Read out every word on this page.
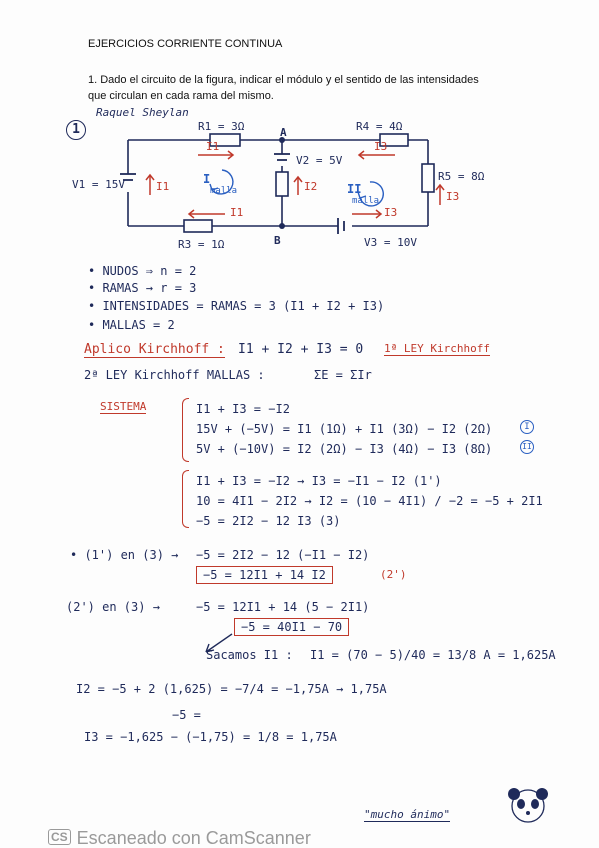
EJERCICIOS CORRIENTE CONTINUA
1. Dado el circuito de la figura, indicar el módulo y el sentido de las intensidades
que circulan en cada rama del mismo.
1
Raquel Sheylan
R1 = 3Ω	R4 = 4Ω
R5 = 8Ω
R3 = 1Ω
V1 = 15V
V2 = 5V
V3 = 10V
A
B
I1	I3
I1	I2
I3
I1	I3
I
malla	II
malla
• NUDOS ⇒ n = 2
• RAMAS → r = 3
• INTENSIDADES = RAMAS = 3 (I1 + I2 + I3)
• MALLAS = 2
Aplico Kirchhoff : I1 + I2 + I3 = 0 1ª LEY Kirchhoff
2ª LEY Kirchhoff MALLAS :	ΣE = ΣIr
SISTEMA	I1 + I3 = −I2
15V + (−5V) = I1 (1Ω) + I1 (3Ω) − I2 (2Ω)
5V + (−10V) = I2 (2Ω) − I3 (4Ω) − I3 (8Ω)
I
II
I1 + I3 = −I2 → I3 = −I1 − I2 (1')
10 = 4I1 − 2I2 → I2 = (10 − 4I1) / −2 = −5 + 2I1
−5 = 2I2 − 12 I3 (3)
• (1') en (3) → −5 = 2I2 − 12 (−I1 − I2)
−5 = 12I1 + 14 I2	(2')
(2') en (3) →	−5 = 12I1 + 14 (5 − 2I1)
−5 = 40I1 − 70
Sacamos I1 : I1 = (70 − 5)/40 = 13/8 A = 1,625A
I2 = −5 + 2 (1,625) = −7/4 = −1,75A → 1,75A
−5 =
I3 = −1,625 − (−1,75) = 1/8 = 1,75A
"mucho ánimo"
CS Escaneado con CamScanner
